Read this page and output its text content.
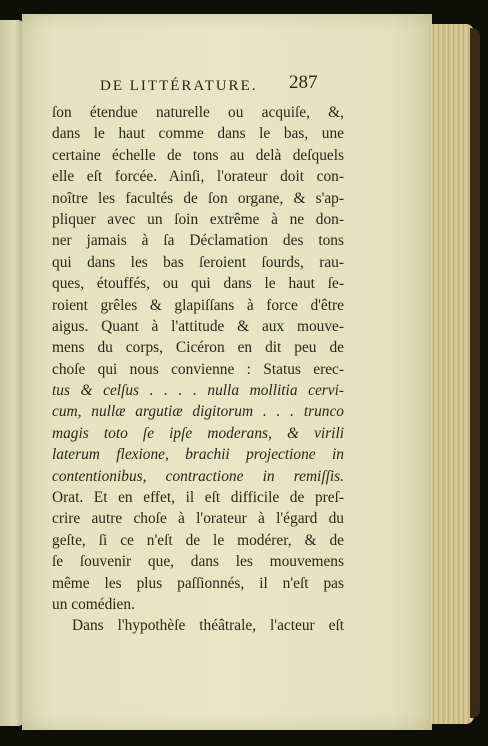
DE LITTÉRATURE.	287
ſon étendue naturelle ou acquiſe, &,
dans le haut comme dans le bas, une
certaine échelle de tons au delà deſquels
elle eſt forcée. Ainſi, l'orateur doit con-
noître les facultés de ſon organe, & s'ap-
pliquer avec un ſoin extrême à ne don-
ner jamais à ſa Déclamation des tons
qui dans les bas ſeroient ſourds, rau-
ques, étouffés, ou qui dans le haut ſe-
roient grêles & glapiſſans à force d'être
aigus. Quant à l'attitude & aux mouve-
mens du corps, Cicéron en dit peu de
choſe qui nous convienne : Status erec-
tus & celſus . . . . nulla mollitia cervi-
cum, nullæ argutiæ digitorum . . . trunco
magis toto ſe ipſe moderans, & virili
laterum flexione, brachii projectione in
contentionibus, contractione in remiſſis.
Orat. Et en effet, il eſt difficile de preſ-
crire autre choſe à l'orateur à l'égard du
geſte, ſi ce n'eſt de le modérer, & de
ſe ſouvenir que, dans les mouvemens
même les plus paſſionnés, il n'eſt pas
un comédien.
Dans l'hypothèſe théâtrale, l'acteur eſt
